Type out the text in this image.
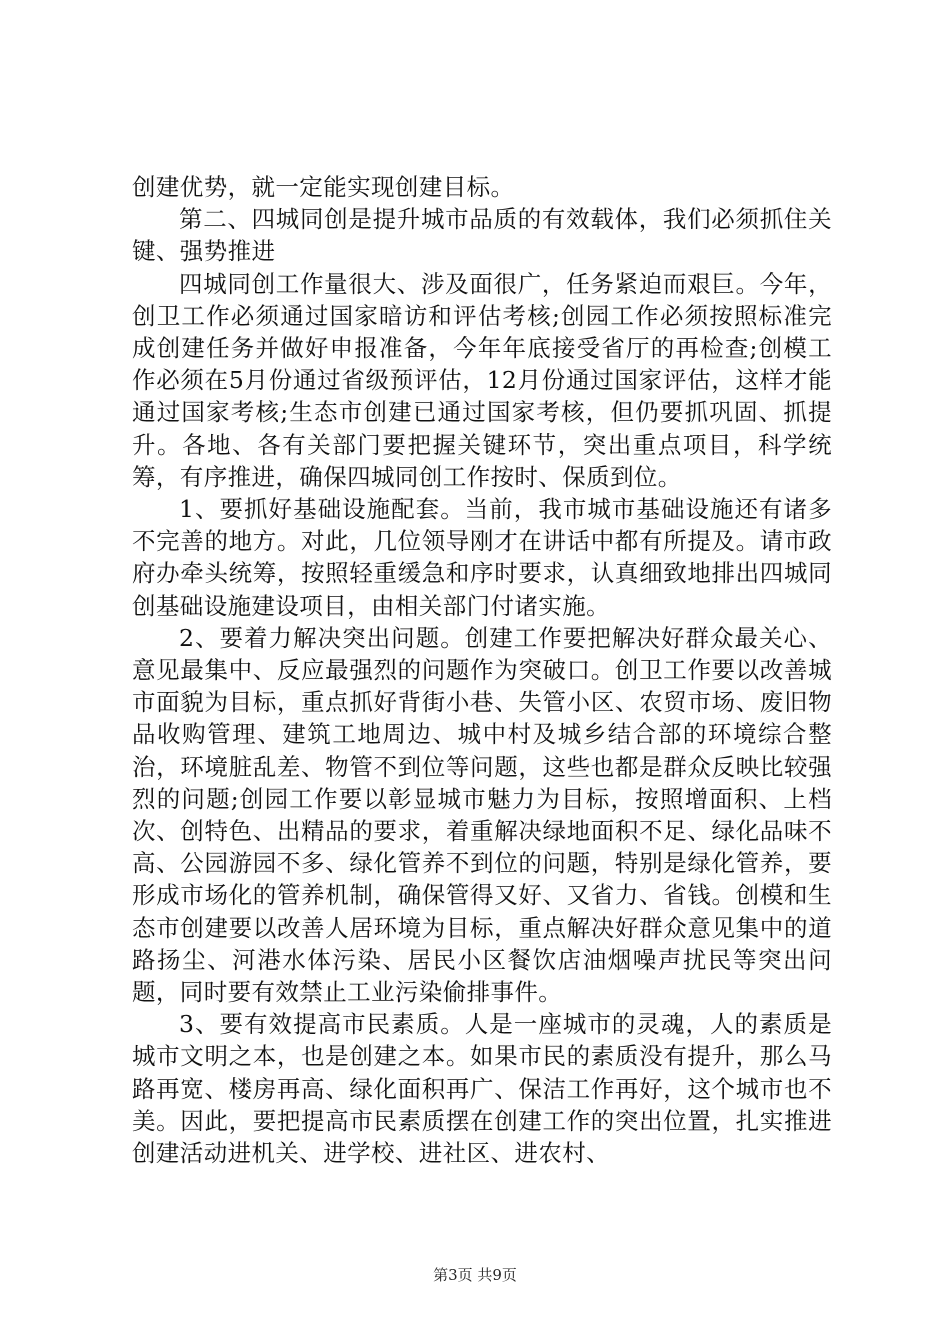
创建优势，就一定能实现创建目标。

第二、四城同创是提升城市品质的有效载体，我们必须抓住关键、强势推进

四城同创工作量很大、涉及面很广，任务紧迫而艰巨。今年，创卫工作必须通过国家暗访和评估考核;创园工作必须按照标准完成创建任务并做好申报准备，今年年底接受省厅的再检查;创模工作必须在5月份通过省级预评估，12月份通过国家评估，这样才能通过国家考核;生态市创建已通过国家考核，但仍要抓巩固、抓提升。各地、各有关部门要把握关键环节，突出重点项目，科学统筹，有序推进，确保四城同创工作按时、保质到位。

1、要抓好基础设施配套。当前，我市城市基础设施还有诸多不完善的地方。对此，几位领导刚才在讲话中都有所提及。请市政府办牵头统筹，按照轻重缓急和序时要求，认真细致地排出四城同创基础设施建设项目，由相关部门付诸实施。

2、要着力解决突出问题。创建工作要把解决好群众最关心、意见最集中、反应最强烈的问题作为突破口。创卫工作要以改善城市面貌为目标，重点抓好背街小巷、失管小区、农贸市场、废旧物品收购管理、建筑工地周边、城中村及城乡结合部的环境综合整治，环境脏乱差、物管不到位等问题，这些也都是群众反映比较强烈的问题;创园工作要以彰显城市魅力为目标，按照增面积、上档次、创特色、出精品的要求，着重解决绿地面积不足、绿化品味不高、公园游园不多、绿化管养不到位的问题，特别是绿化管养，要形成市场化的管养机制，确保管得又好、又省力、省钱。创模和生态市创建要以改善人居环境为目标，重点解决好群众意见集中的道路扬尘、河港水体污染、居民小区餐饮店油烟噪声扰民等突出问题，同时要有效禁止工业污染偷排事件。

3、要有效提高市民素质。人是一座城市的灵魂，人的素质是城市文明之本，也是创建之本。如果市民的素质没有提升，那么马路再宽、楼房再高、绿化面积再广、保洁工作再好，这个城市也不美。因此，要把提高市民素质摆在创建工作的突出位置，扎实推进创建活动进机关、进学校、进社区、进农村、

第3页 共9页
